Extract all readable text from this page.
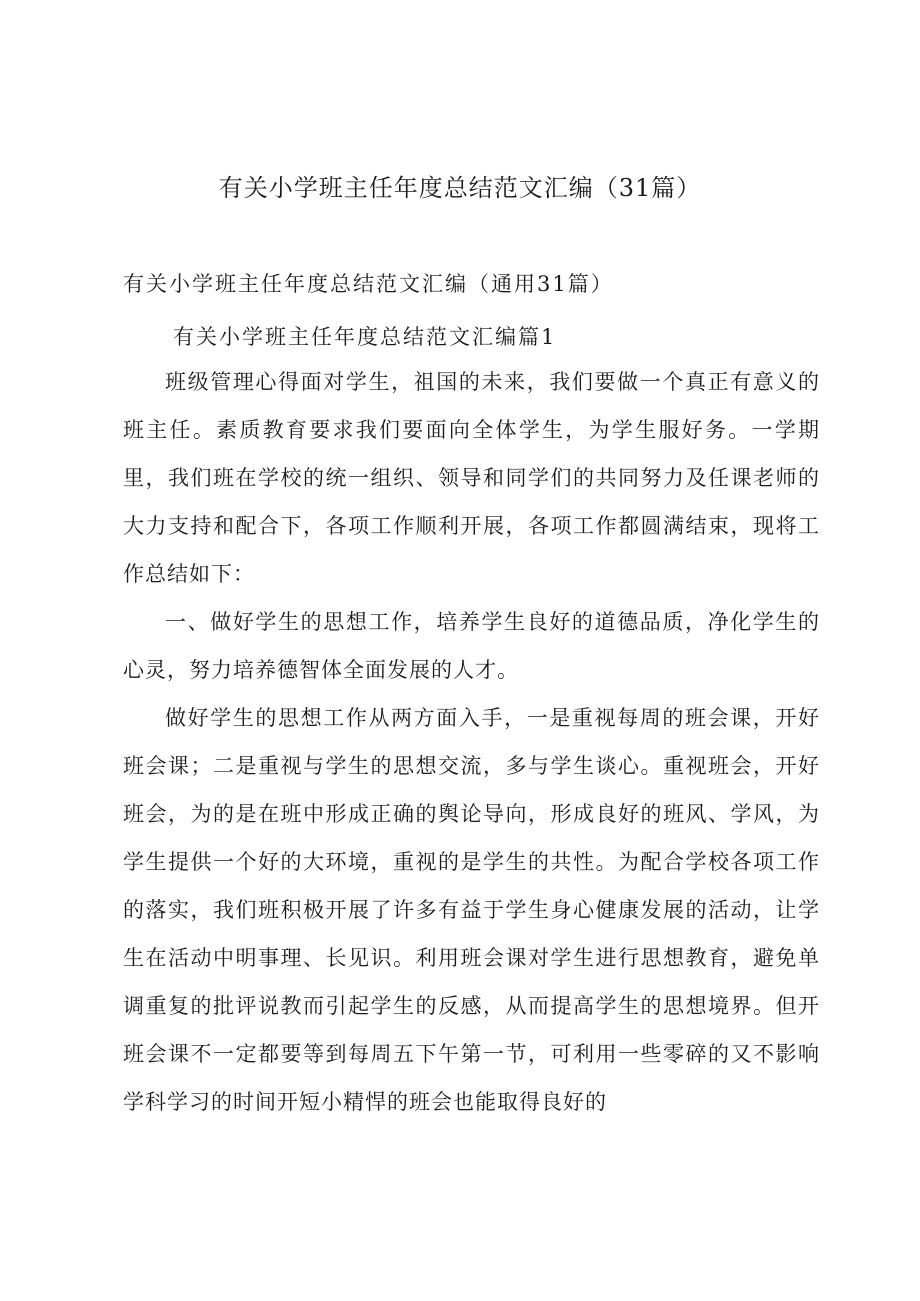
有关小学班主任年度总结范文汇编（31篇）
有关小学班主任年度总结范文汇编（通用31篇）
有关小学班主任年度总结范文汇编篇1

班级管理心得面对学生，祖国的未来，我们要做一个真正有意义的班主任。素质教育要求我们要面向全体学生，为学生服好务。一学期里，我们班在学校的统一组织、领导和同学们的共同努力及任课老师的大力支持和配合下，各项工作顺利开展，各项工作都圆满结束，现将工作总结如下：

一、做好学生的思想工作，培养学生良好的道德品质，净化学生的心灵，努力培养德智体全面发展的人才。

做好学生的思想工作从两方面入手，一是重视每周的班会课，开好班会课；二是重视与学生的思想交流，多与学生谈心。重视班会，开好班会，为的是在班中形成正确的舆论导向，形成良好的班风、学风，为学生提供一个好的大环境，重视的是学生的共性。为配合学校各项工作的落实，我们班积极开展了许多有益于学生身心健康发展的活动，让学生在活动中明事理、长见识。利用班会课对学生进行思想教育，避免单调重复的批评说教而引起学生的反感，从而提高学生的思想境界。但开班会课不一定都要等到每周五下午第一节，可利用一些零碎的又不影响学科学习的时间开短小精悍的班会也能取得良好的
